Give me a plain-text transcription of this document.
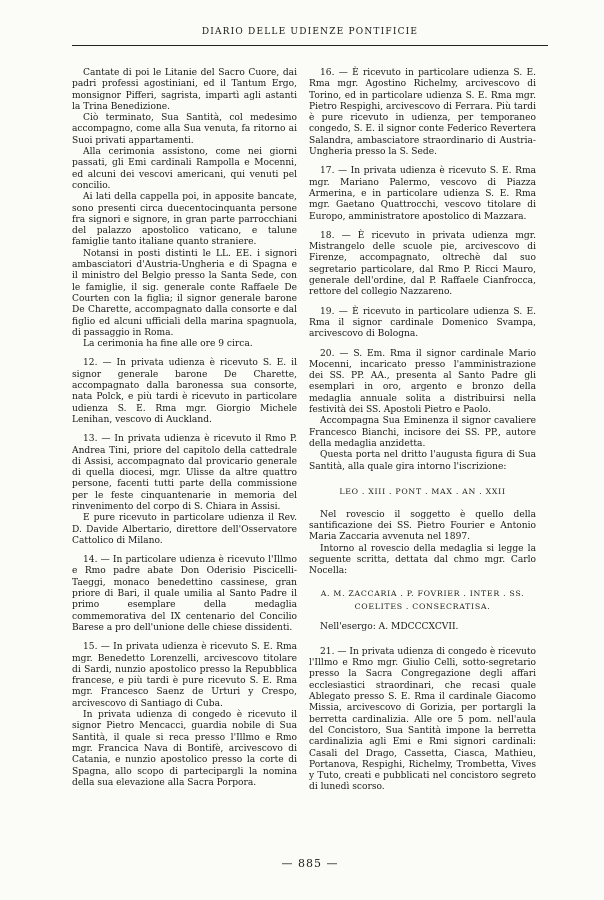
DIARIO DELLE UDIENZE PONTIFICIE

Cantate di poi le Litanie del Sacro Cuore, dai padri professi agostiniani, ed il Tantum Ergo, monsignor Pifferi, sagrista, impartì agli astanti la Trina Benedizione.

Ciò terminato, Sua Santità, col medesimo accompagno, come alla Sua venuta, fa ritorno ai Suoi privati appartamenti.

Alla cerimonia assistono, come nei giorni passati, gli Emi cardinali Rampolla e Mocenni, ed alcuni dei vescovi americani, qui venuti pel concilio.

Ai lati della cappella poi, in apposite bancate, sono presenti circa duecentocinquanta persone fra signori e signore, in gran parte parrocchiani del palazzo apostolico vaticano, e talune famiglie tanto italiane quanto straniere.

Notansi in posti distinti le LL. EE. i signori ambasciatori d'Austria-Ungheria e di Spagna e il ministro del Belgio presso la Santa Sede, con le famiglie, il sig. generale conte Raffaele De Courten con la figlia; il signor generale barone De Charette, accompagnato dalla consorte e dal figlio ed alcuni ufficiali della marina spagnuola, di passaggio in Roma.

La cerimonia ha fine alle ore 9 circa.

12. — In privata udienza è ricevuto S. E. il signor generale barone De Charette, accompagnato dalla baronessa sua consorte, nata Polck, e più tardi è ricevuto in particolare udienza S. E. Rma mgr. Giorgio Michele Lenihan, vescovo di Auckland.

13. — In privata udienza è ricevuto il Rmo P. Andrea Tini, priore del capitolo della cattedrale di Assisi, accompagnato dal provicario generale di quella diocesi, mgr. Ulisse da altre quattro persone, facenti tutti parte della commissione per le feste cinquantenarie in memoria del rinvenimento del corpo di S. Chiara in Assisi.

E pure ricevuto in particolare udienza il Rev. D. Davide Albertario, direttore dell'Osservatore Cattolico di Milano.

14. — In particolare udienza è ricevuto l'Illmo e Rmo padre abate Don Oderisio Piscicelli-Taeggi, monaco benedettino cassinese, gran priore di Bari, il quale umilia al Santo Padre il primo esemplare della medaglia commemorativa del IX centenario del Concilio Barese a pro dell'unione delle chiese dissidenti.

15. — In privata udienza è ricevuto S. E. Rma mgr. Benedetto Lorenzelli, arcivescovo titolare di Sardi, nunzio apostolico presso la Repubblica francese, e più tardi è pure ricevuto S. E. Rma mgr. Francesco Saenz de Urturi y Crespo, arcivescovo di Santiago di Cuba.

In privata udienza di congedo è ricevuto il signor Pietro Mencacci, guardia nobile di Sua Santità, il quale si reca presso l'Illmo e Rmo mgr. Francica Nava di Bontifè, arcivescovo di Catania, e nunzio apostolico presso la corte di Spagna, allo scopo di partecipargli la nomina della sua elevazione alla Sacra Porpora.

16. — È ricevuto in particolare udienza S. E. Rma mgr. Agostino Richelmy, arcivescovo di Torino, ed in particolare udienza S. E. Rma mgr. Pietro Respighi, arcivescovo di Ferrara. Più tardi è pure ricevuto in udienza, per temporaneo congedo, S. E. il signor conte Federico Revertera Salandra, ambasciatore straordinario di Austria-Ungheria presso la S. Sede.

17. — In privata udienza è ricevuto S. E. Rma mgr. Mariano Palermo, vescovo di Piazza Armerina, e in particolare udienza S. E. Rma mgr. Gaetano Quattrocchi, vescovo titolare di Europo, amministratore apostolico di Mazzara.

18. — È ricevuto in privata udienza mgr. Mistrangelo delle scuole pie, arcivescovo di Firenze, accompagnato, oltrechè dal suo segretario particolare, dal Rmo P. Ricci Mauro, generale dell'ordine, dal P. Raffaele Cianfrocca, rettore del collegio Nazzareno.

19. — È ricevuto in particolare udienza S. E. Rma il signor cardinale Domenico Svampa, arcivescovo di Bologna.

20. — S. Em. Rma il signor cardinale Mario Mocenni, incaricato presso l'amministrazione dei SS. PP. AA., presenta al Santo Padre gli esemplari in oro, argento e bronzo della medaglia annuale solita a distribuirsi nella festività dei SS. Apostoli Pietro e Paolo.

Accompagna Sua Eminenza il signor cavaliere Francesco Bianchi, incisore dei SS. PP., autore della medaglia anzidetta.

Questa porta nel dritto l'augusta figura di Sua Santità, alla quale gira intorno l'iscrizione:

LEO . XIII . PONT . MAX . AN . XXII

Nel rovescio il soggetto è quello della santificazione dei SS. Pietro Fourier e Antonio Maria Zaccaria avvenuta nel 1897.

Intorno al rovescio della medaglia si legge la seguente scritta, dettata dal chmo mgr. Carlo Nocella:

A. M. ZACCARIA . P. FOVRIER . INTER . SS. COELITES . CONSECRATISA.

Nell'esergo: A. MDCCCXCVII.

21. — In privata udienza di congedo è ricevuto l'Illmo e Rmo mgr. Giulio Celli, sotto-segretario presso la Sacra Congregazione degli affari ecclesiastici straordinari, che recasi quale Ablegato presso S. E. Rma il cardinale Giacomo Missia, arcivescovo di Gorizia, per portargli la berretta cardinalizia. Alle ore 5 pom. nell'aula del Concistoro, Sua Santità impone la berretta cardinalizia agli Emi e Rmi signori cardinali: Casali del Drago, Cassetta, Ciasca, Mathieu, Portanova, Respighi, Richelmy, Trombetta, Vives y Tuto, creati e pubblicati nel concistoro segreto di lunedì scorso.

— 885 —
